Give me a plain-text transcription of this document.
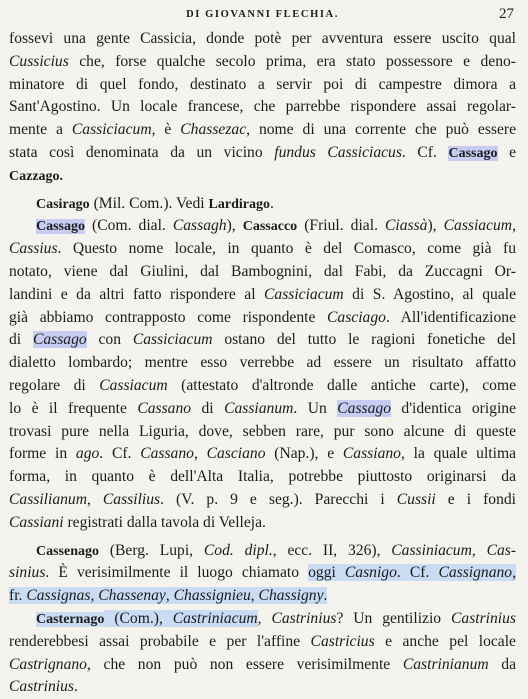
DI GIOVANNI FLECHIA.	27
fossevi una gente Cassicia, donde potè per avventura essere uscito qual
Cussicius che, forse qualche secolo prima, era stato possessore e deno-
minatore di quel fondo, destinato a servir poi di campestre dimora a
Sant'Agostino. Un locale francese, che parrebbe rispondere assai regolar-
mente a Cassiciacum, è Chassezac, nome di una corrente che può essere
stata così denominata da un vicino fundus Cassiciacus. Cf. Cassago e
Cazzago.
Casirago (Mil. Com.). Vedi Lardirago.
Cassago (Com. dial. Cassagh), Cassacco (Friul. dial. Ciassà), Cassiacum,
Cassius. Questo nome locale, in quanto è del Comasco, come già fu
notato, viene dal Giulini, dal Bambognini, dal Fabi, da Zuccagni Or-
landini e da altri fatto rispondere al Cassiciacum di S. Agostino, al quale
già abbiamo contrapposto come rispondente Casciago. All'identificazione
di Cassago con Cassiciacum ostano del tutto le ragioni fonetiche del
dialetto lombardo; mentre esso verrebbe ad essere un risultato affatto
regolare di Cassiacum (attestato d'altronde dalle antiche carte), come
lo è il frequente Cassano di Cassianum. Un Cassago d'identica origine
trovasi pure nella Liguria, dove, sebben rare, pur sono alcune di queste
forme in ago. Cf. Cassano, Casciano (Nap.), e Cassiano, la quale ultima
forma, in quanto è dell'Alta Italia, potrebbe piuttosto originarsi da
Cassilianum, Cassilius. (V. p. 9 e seg.). Parecchi i Cussii e i fondi
Cassiani registrati dalla tavola di Velleja.
Cassenago (Berg. Lupi, Cod. dipl., ecc. II, 326), Cassiniacum, Cas-
sinius. È verisimilmente il luogo chiamato oggi Casnigo. Cf. Cassignano,
fr. Cassignas, Chassenay, Chassignieu, Chassigny.
Casternago (Com.), Castriniacum, Castrinius? Un gentilizio Castrinius
renderebbesi assai probabile e per l'affine Castricius e anche pel locale
Castrignano, che non può non essere verisimilmente Castrinianum da
Castrinius.
